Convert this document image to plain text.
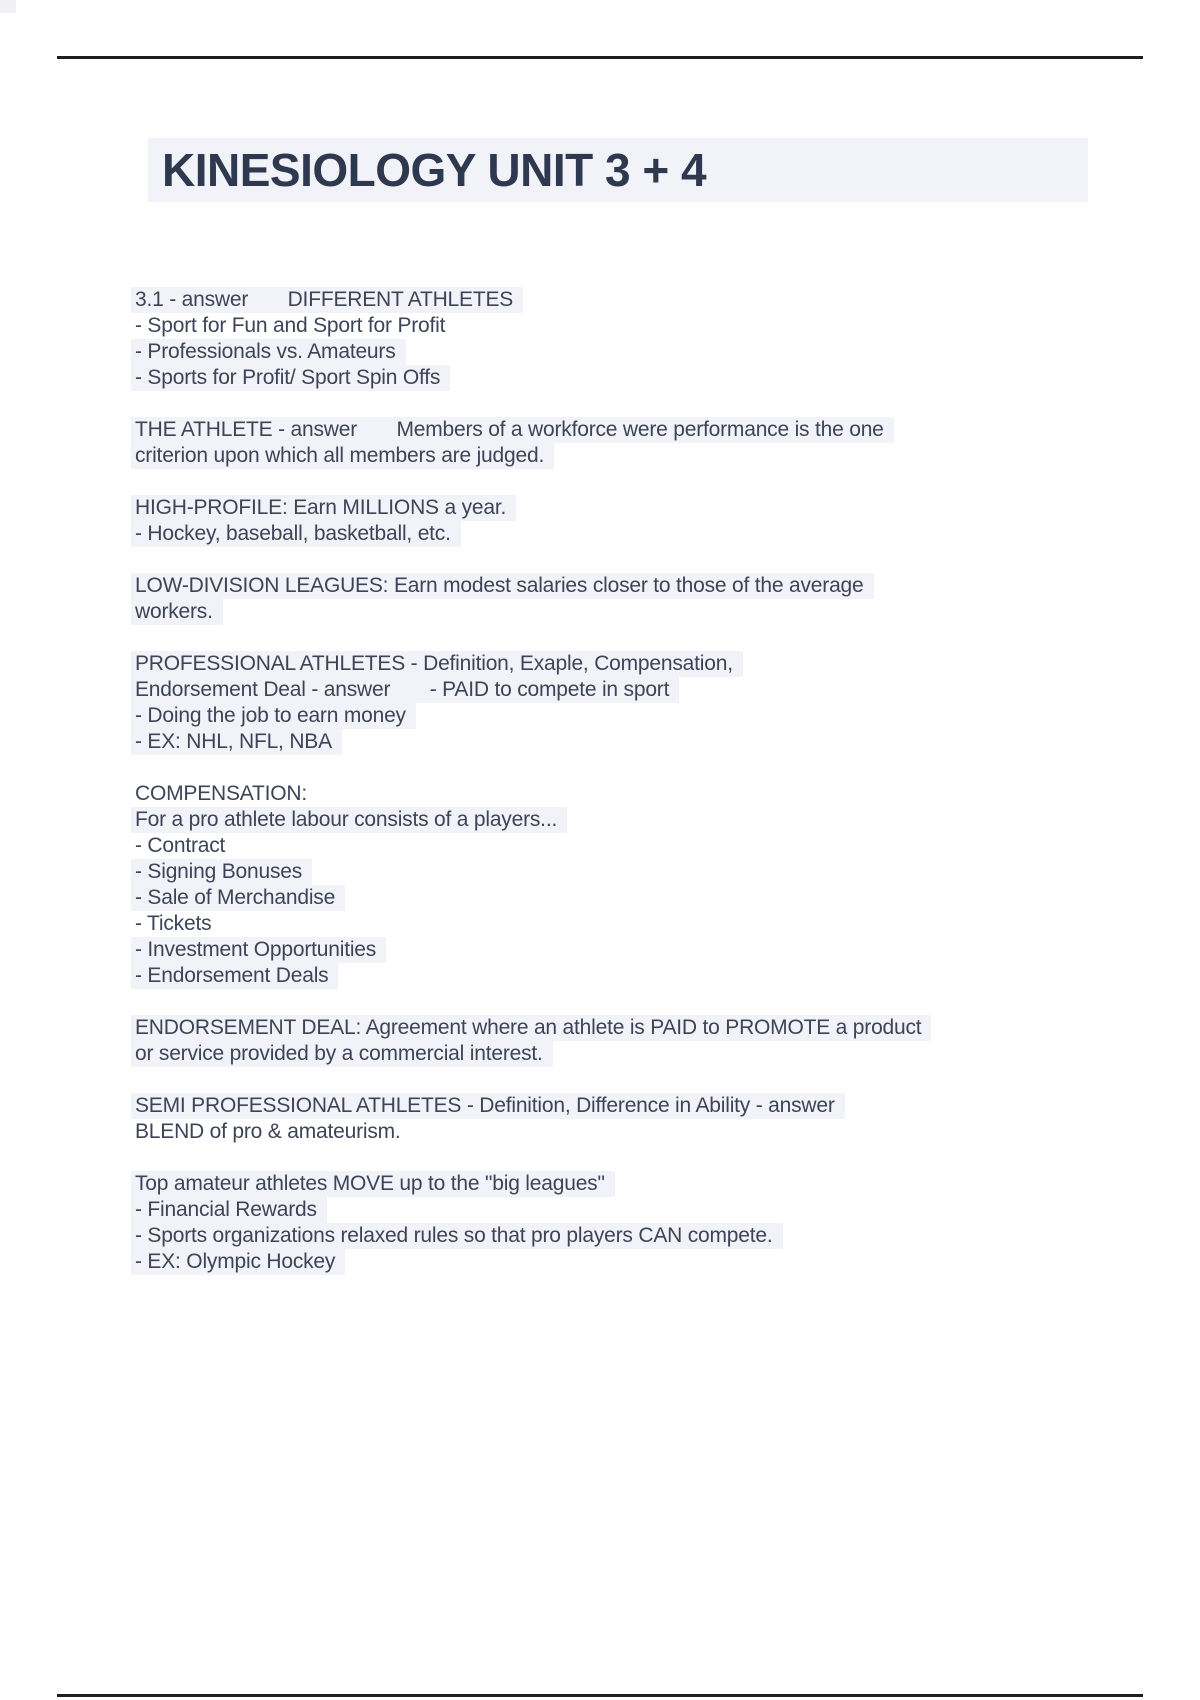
KINESIOLOGY UNIT 3 + 4
3.1 - answer       DIFFERENT ATHLETES
- Sport for Fun and Sport for Profit
- Professionals vs. Amateurs
- Sports for Profit/ Sport Spin Offs
THE ATHLETE - answer       Members of a workforce were performance is the one
criterion upon which all members are judged.
HIGH-PROFILE: Earn MILLIONS a year.
- Hockey, baseball, basketball, etc.
LOW-DIVISION LEAGUES: Earn modest salaries closer to those of the average
workers.
PROFESSIONAL ATHLETES - Definition, Exaple, Compensation,
Endorsement Deal - answer       - PAID to compete in sport
- Doing the job to earn money
- EX: NHL, NFL, NBA
COMPENSATION:
For a pro athlete labour consists of a players...
- Contract
- Signing Bonuses
- Sale of Merchandise
- Tickets
- Investment Opportunities
- Endorsement Deals
ENDORSEMENT DEAL: Agreement where an athlete is PAID to PROMOTE a product
or service provided by a commercial interest.
SEMI PROFESSIONAL ATHLETES - Definition, Difference in Ability - answer
BLEND of pro & amateurism.
Top amateur athletes MOVE up to the "big leagues"
- Financial Rewards
- Sports organizations relaxed rules so that pro players CAN compete.
- EX: Olympic Hockey
